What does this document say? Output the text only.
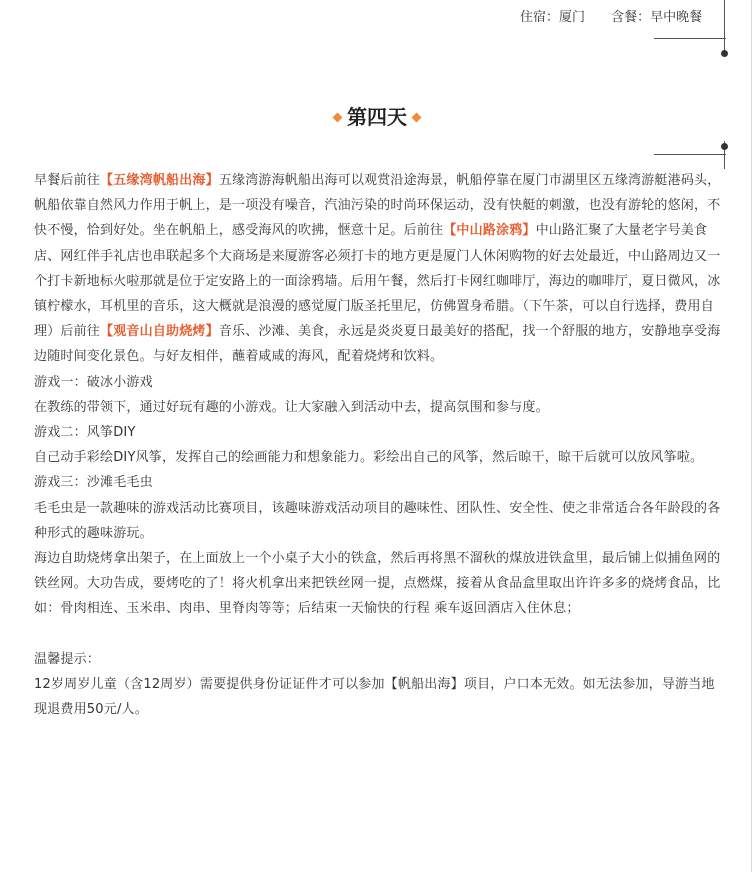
住宿：厦门 含餐：早中晚餐
第四天

早餐后前往【五缘湾帆船出海】五缘湾游海帆船出海可以观赏沿途海景，帆船停靠在厦门市湖里区五缘湾游艇港码头，帆船依靠自然风力作用于帆上，是一项没有噪音，汽油污染的时尚环保运动，没有快艇的刺激，也没有游轮的悠闲，不快不慢，恰到好处。坐在帆船上，感受海风的吹拂，惬意十足。后前往【中山路涂鸦】中山路汇聚了大量老字号美食店、网红伴手礼店也串联起多个大商场是来厦游客必须打卡的地方更是厦门人休闲购物的好去处最近，中山路周边又一个打卡新地标火啦那就是位于定安路上的一面涂鸦墙。后用午餐，然后打卡网红咖啡厅，海边的咖啡厅，夏日微风，冰镇柠檬水，耳机里的音乐，这大概就是浪漫的感觉厦门版圣托里尼，仿佛置身希腊。（下午茶，可以自行选择，费用自理）后前往【观音山自助烧烤】音乐、沙滩、美食，永远是炎炎夏日最美好的搭配，找一个舒服的地方，安静地享受海边随时间变化景色。与好友相伴，蘸着咸咸的海风，配着烧烤和饮料。

游戏一：破冰小游戏

在教练的带领下，通过好玩有趣的小游戏。让大家融入到活动中去，提高氛围和参与度。

游戏二：风筝DIY

自己动手彩绘DIY风筝，发挥自己的绘画能力和想象能力。彩绘出自己的风筝，然后晾干，晾干后就可以放风筝啦。

游戏三：沙滩毛毛虫

毛毛虫是一款趣味的游戏活动比赛项目，该趣味游戏活动项目的趣味性、团队性、安全性、使之非常适合各年龄段的各种形式的趣味游玩。

海边自助烧烤拿出架子，在上面放上一个小桌子大小的铁盒，然后再将黑不溜秋的煤放进铁盒里，最后铺上似捕鱼网的铁丝网。大功告成，要烤吃的了！将火机拿出来把铁丝网一提，点燃煤，接着从食品盒里取出许许多多的烧烤食品，比如：骨肉相连、玉米串、肉串、里脊肉等等；后结束一天愉快的行程 乘车返回酒店入住休息；

温馨提示：

12岁周岁儿童（含12周岁）需要提供身份证证件才可以参加【帆船出海】项目，户口本无效。如无法参加，导游当地现退费用50元/人。
